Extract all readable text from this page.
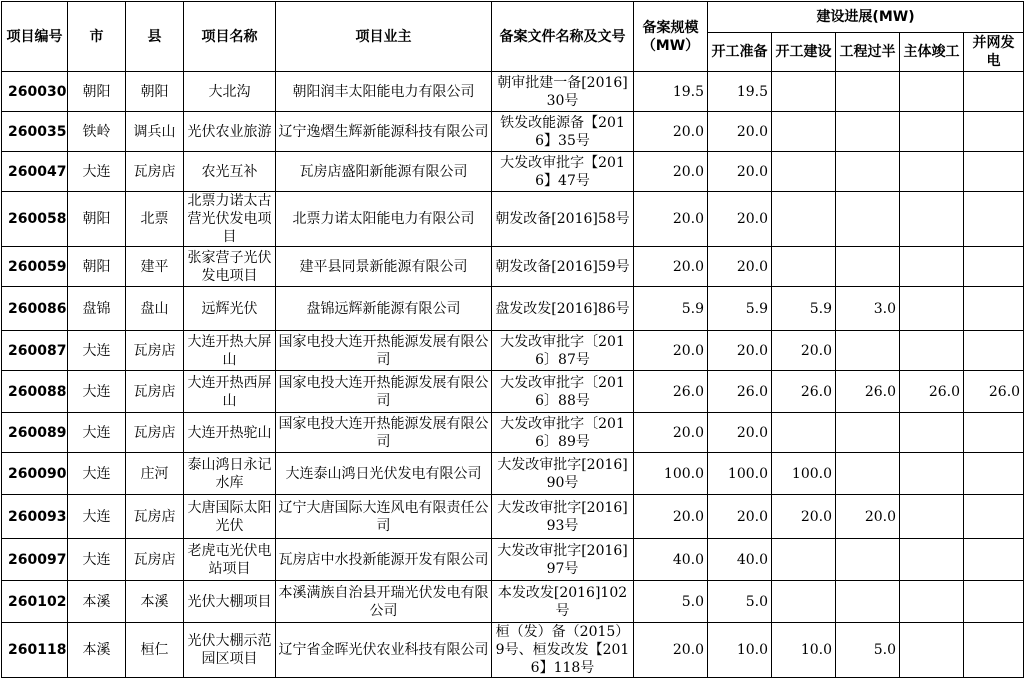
项目编号	市	县	项目名称	项目业主	备案文件名称及文号	备案规模（MW）	建设进展(MW)				
							开工准备	开工建设	工程过半	主体竣工	并网发电
260030	朝阳	朝阳	大北沟	朝阳润丰太阳能电力有限公司	朝审批建一备[2016]30号	19.5	19.5				
260035	铁岭	调兵山	光伏农业旅游	辽宁逸熠生辉新能源科技有限公司	铁发改能源备【2016】35号	20.0	20.0				
260047	大连	瓦房店	农光互补	瓦房店盛阳新能源有限公司	大发改审批字【2016】47号	20.0	20.0				
260058	朝阳	北票	北票力诺太古营光伏发电项目	北票力诺太阳能电力有限公司	朝发改备[2016]58号	20.0	20.0				
260059	朝阳	建平	张家营子光伏发电项目	建平县同景新能源有限公司	朝发改备[2016]59号	20.0	20.0				
260086	盘锦	盘山	远辉光伏	盘锦远辉新能源有限公司	盘发改发[2016]86号	5.9	5.9	5.9	3.0		
260087	大连	瓦房店	大连开热大屏山	国家电投大连开热能源发展有限公司	大发改审批字〔2016〕87号	20.0	20.0	20.0			
260088	大连	瓦房店	大连开热西屏山	国家电投大连开热能源发展有限公司	大发改审批字〔2016〕88号	26.0	26.0	26.0	26.0	26.0	26.0
260089	大连	瓦房店	大连开热驼山	国家电投大连开热能源发展有限公司	大发改审批字〔2016〕89号	20.0	20.0				
260090	大连	庄河	泰山鸿日永记水库	大连泰山鸿日光伏发电有限公司	大发改审批字[2016]90号	100.0	100.0	100.0			
260093	大连	瓦房店	大唐国际太阳光伏	辽宁大唐国际大连风电有限责任公司	大发改审批字[2016]93号	20.0	20.0	20.0	20.0		
260097	大连	瓦房店	老虎屯光伏电站项目	瓦房店中水投新能源开发有限公司	大发改审批字[2016]97号	40.0	40.0				
260102	本溪	本溪	光伏大棚项目	本溪满族自治县开瑞光伏发电有限公司	本发改发[2016]102号	5.0	5.0				
260118	本溪	桓仁	光伏大棚示范园区项目	辽宁省金晖光伏农业科技有限公司	桓（发）备（2015）9号、桓发改发【2016】118号	20.0	10.0	10.0	5.0		
